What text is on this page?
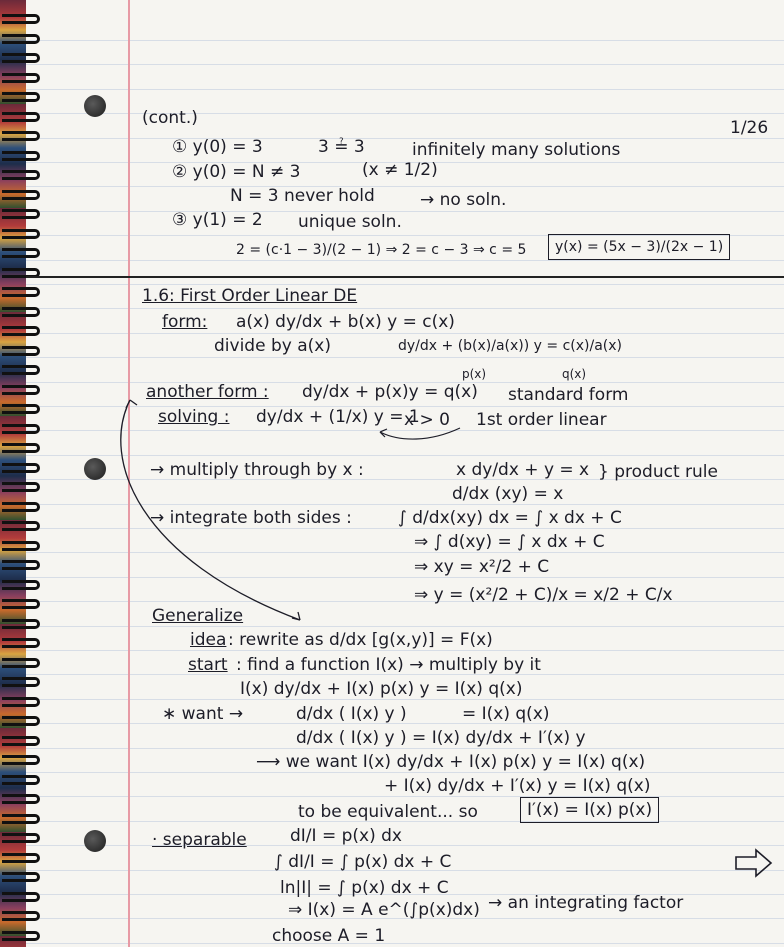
1/26
(cont.)
① y(0) = 3	3 ≟ 3	infinitely many solutions
② y(0) = N ≠ 3	(x ≠ 1/2)
N = 3 never hold	→ no soln.
③ y(1) = 2 unique soln.
2 = (c·1 − 3)/(2 − 1) ⇒ 2 = c − 3 ⇒ c = 5	y(x) = (5x − 3)/(2x − 1)
1.6: First Order Linear DE
form: a(x) dy/dx + b(x) y = c(x)
divide by a(x)	dy/dx + (b(x)/a(x)) y = c(x)/a(x)
p(x)	q(x)
another form : dy/dx + p(x)y = q(x) standard form
solving : dy/dx + (1/x) y = 1
x > 0 1st order linear
→ multiply through by x :	x dy/dx + y = x } product rule
d/dx (xy) = x
→ integrate both sides :	∫ d/dx(xy) dx = ∫ x dx + C
⇒ ∫ d(xy) = ∫ x dx + C
⇒ xy = x²/2 + C
⇒ y = (x²/2 + C)/x = x/2 + C/x
Generalize
idea : rewrite as d/dx [g(x,y)] = F(x)
start : find a function I(x) → multiply by it
I(x) dy/dx + I(x) p(x) y = I(x) q(x)
∗ want →	d/dx ( I(x) y )	= I(x) q(x)
d/dx ( I(x) y ) = I(x) dy/dx + I′(x) y
⟶ we want I(x) dy/dx + I(x) p(x) y = I(x) q(x)
+ I(x) dy/dx + I′(x) y = I(x) q(x)
to be equivalent... so	I′(x) = I(x) p(x)
· separable	dI/I = p(x) dx
∫ dI/I = ∫ p(x) dx + C
ln|I| = ∫ p(x) dx + C
⇒ I(x) = A e^(∫p(x)dx) → an integrating factor
choose A = 1
